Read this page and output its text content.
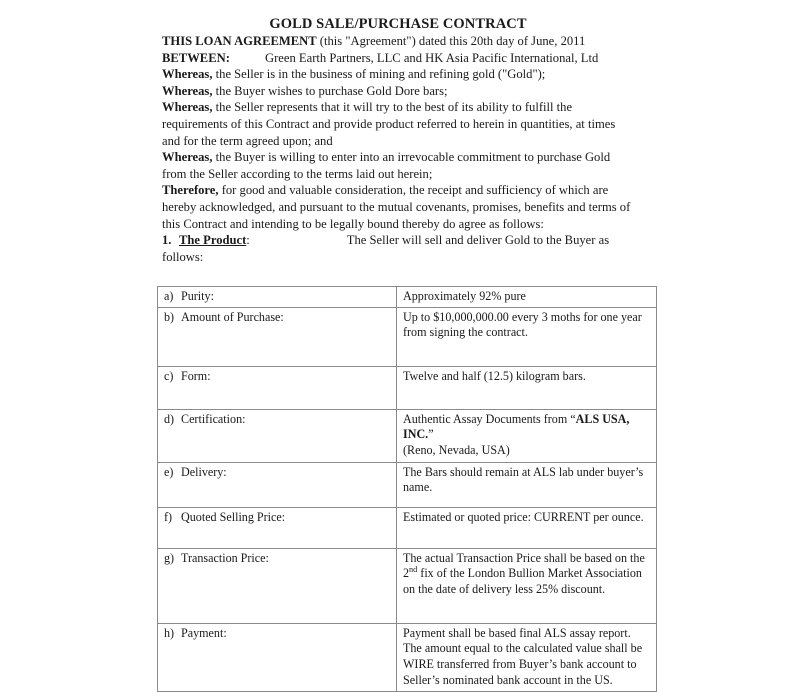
GOLD SALE/PURCHASE CONTRACT

THIS LOAN AGREEMENT (this "Agreement") dated this 20th day of June, 2011

BETWEEN:	Green Earth Partners, LLC and HK Asia Pacific International, Ltd

Whereas, the Seller is in the business of mining and refining gold ("Gold");

Whereas, the Buyer wishes to purchase Gold Dore bars;

Whereas, the Seller represents that it will try to the best of its ability to fulfill the requirements of this Contract and provide product referred to herein in quantities, at times and for the term agreed upon; and

Whereas, the Buyer is willing to enter into an irrevocable commitment to purchase Gold from the Seller according to the terms laid out herein;

Therefore, for good and valuable consideration, the receipt and sufficiency of which are hereby acknowledged, and pursuant to the mutual covenants, promises, benefits and terms of this Contract and intending to be legally bound thereby do agree as follows:

1. The Product:	The Seller will sell and deliver Gold to the Buyer as follows:

a) Purity:	Approximately 92% pure
b) Amount of Purchase:	Up to $10,000,000.00 every 3 moths for one year from signing the contract.
c) Form:	Twelve and half (12.5) kilogram bars.
d) Certification:	Authentic Assay Documents from “ALS USA, INC.”
(Reno, Nevada, USA)
e) Delivery:	The Bars should remain at ALS lab under buyer’s name.
f) Quoted Selling Price:	Estimated or quoted price: CURRENT per ounce.
g) Transaction Price:	The actual Transaction Price shall be based on the 2nd fix of the London Bullion Market Association on the date of delivery less 25% discount.
h) Payment:	Payment shall be based final ALS assay report. The amount equal to the calculated value shall be WIRE transferred from Buyer’s bank account to Seller’s nominated bank account in the US.
